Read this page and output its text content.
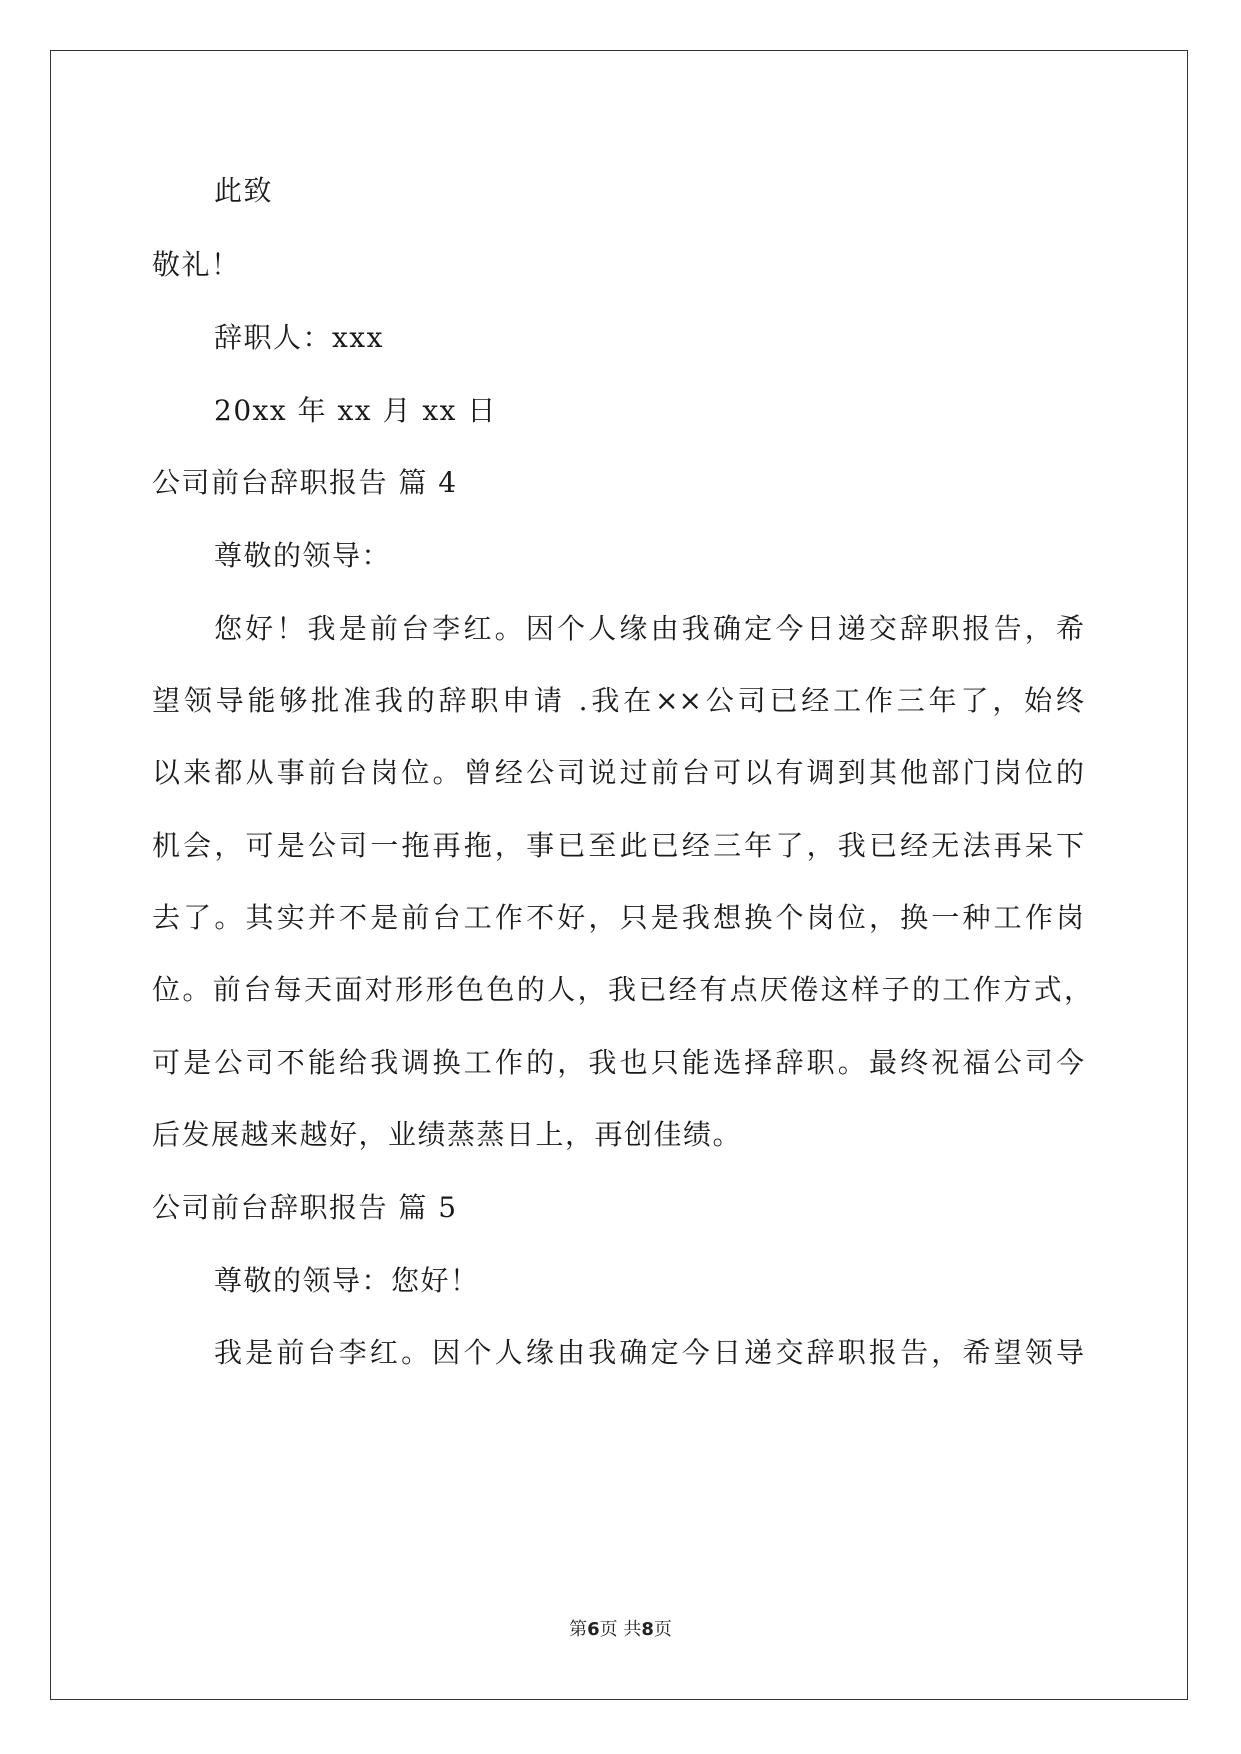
此致
敬礼！
辞职人：xxx
20xx 年 xx 月 xx 日
公司前台辞职报告 篇 4
尊敬的领导：
您好！我是前台李红。因个人缘由我确定今日递交辞职报告，希
望领导能够批准我的辞职申请 .我在××公司已经工作三年了，始终
以来都从事前台岗位。曾经公司说过前台可以有调到其他部门岗位的
机会，可是公司一拖再拖，事已至此已经三年了，我已经无法再呆下
去了。其实并不是前台工作不好，只是我想换个岗位，换一种工作岗
位。前台每天面对形形色色的人，我已经有点厌倦这样子的工作方式，
可是公司不能给我调换工作的，我也只能选择辞职。最终祝福公司今
后发展越来越好，业绩蒸蒸日上，再创佳绩。
公司前台辞职报告 篇 5
尊敬的领导：您好！
我是前台李红。因个人缘由我确定今日递交辞职报告，希望领导
第6页 共8页
